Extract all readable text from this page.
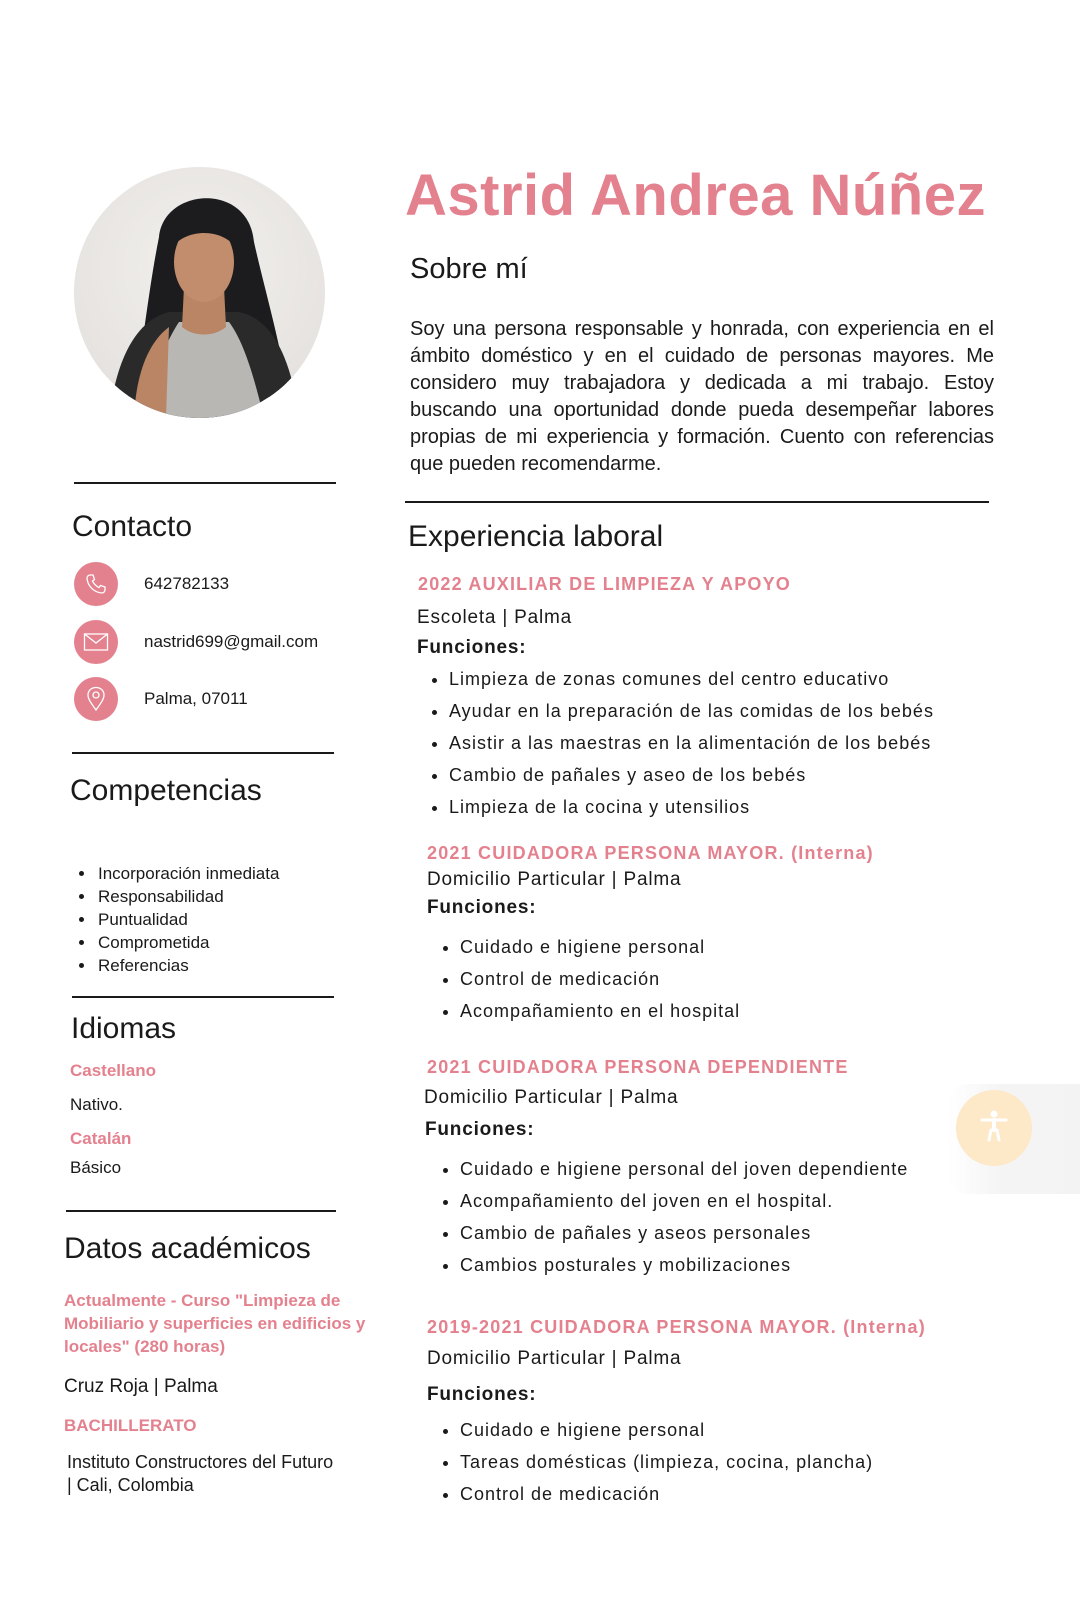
Contacto
642782133
nastrid699@gmail.com
Palma, 07011
Competencias
• Incorporación inmediata
• Responsabilidad
• Puntualidad
• Comprometida
• Referencias
Idiomas
Castellano
Nativo.
Catalán
Básico
Datos académicos
Actualmente - Curso "Limpieza de Mobiliario y superficies en edificios y locales" (280 horas)
Cruz Roja | Palma
BACHILLERATO
Instituto Constructores del Futuro
| Cali, Colombia
Astrid Andrea Núñez
Sobre mí
Soy una persona responsable y honrada, con experiencia en el ámbito doméstico y en el cuidado de personas mayores. Me considero muy trabajadora y dedicada a mi trabajo. Estoy buscando una oportunidad donde pueda desempeñar labores propias de mi experiencia y formación. Cuento con referencias que pueden recomendarme.
Experiencia laboral
2022 AUXILIAR DE LIMPIEZA Y APOYO
Escoleta | Palma
Funciones:
• Limpieza de zonas comunes del centro educativo
• Ayudar en la preparación de las comidas de los bebés
• Asistir a las maestras en la alimentación de los bebés
• Cambio de pañales y aseo de los bebés
• Limpieza de la cocina y utensilios
2021 CUIDADORA PERSONA MAYOR. (Interna)
Domicilio Particular | Palma
Funciones:
• Cuidado e higiene personal
• Control de medicación
• Acompañamiento en el hospital
2021 CUIDADORA PERSONA DEPENDIENTE
Domicilio Particular | Palma
Funciones:
• Cuidado e higiene personal del joven dependiente
• Acompañamiento del joven en el hospital.
• Cambio de pañales y aseos personales
• Cambios posturales y mobilizaciones
2019-2021 CUIDADORA PERSONA MAYOR. (Interna)
Domicilio Particular | Palma
Funciones:
• Cuidado e higiene personal
• Tareas domésticas (limpieza, cocina, plancha)
• Control de medicación
